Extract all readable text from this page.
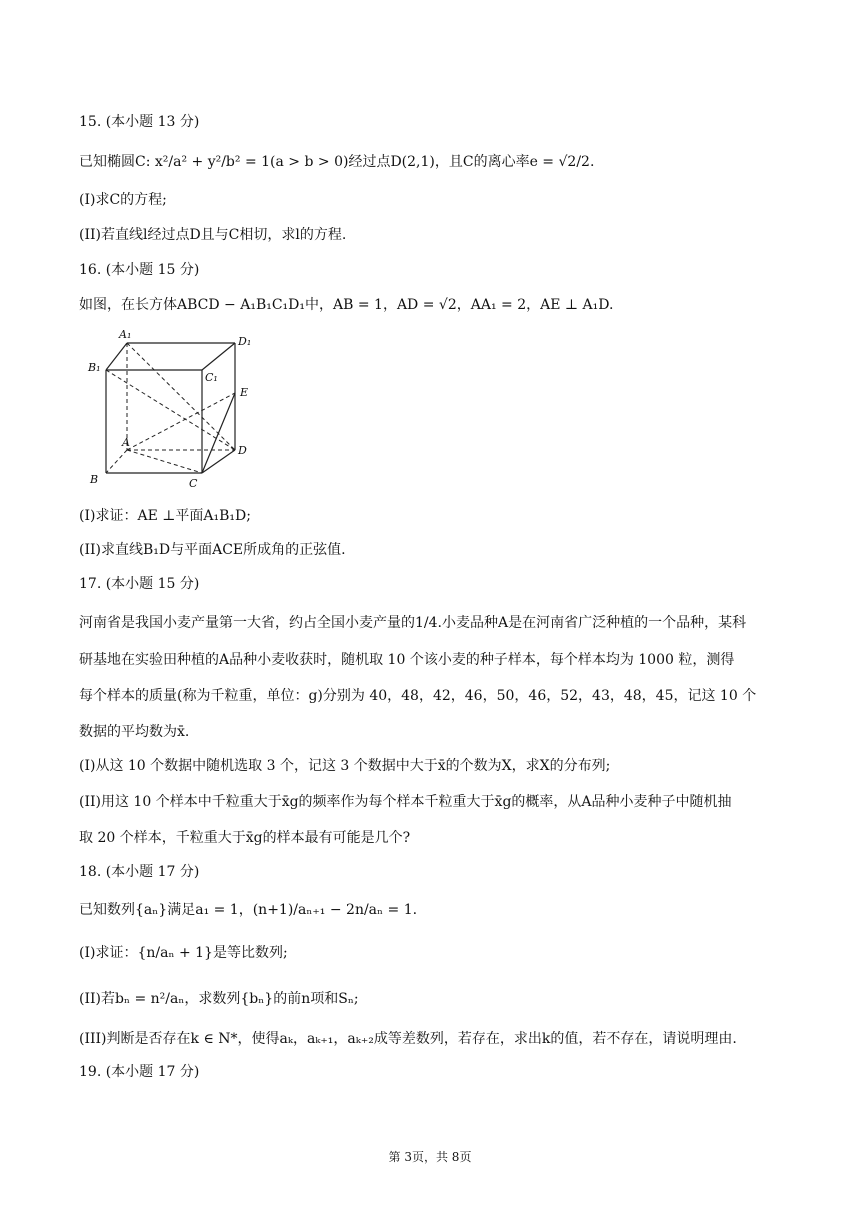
15. (本小题 13 分)
已知椭圆C: x²/a² + y²/b² = 1(a > b > 0)经过点D(2,1)，且C的离心率e = √2/2.
(I)求C的方程;
(II)若直线l经过点D且与C相切，求l的方程.
16. (本小题 15 分)
如图，在长方体ABCD − A₁B₁C₁D₁中，AB = 1，AD = √2，AA₁ = 2，AE ⊥ A₁D.
A₁
D₁
B₁
C₁
E
A
D
B	C
(I)求证：AE ⊥平面A₁B₁D;
(II)求直线B₁D与平面ACE所成角的正弦值.
17. (本小题 15 分)
河南省是我国小麦产量第一大省，约占全国小麦产量的1/4.小麦品种A是在河南省广泛种植的一个品种，某科
研基地在实验田种植的A品种小麦收获时，随机取 10 个该小麦的种子样本，每个样本均为 1000 粒，测得
每个样本的质量(称为千粒重，单位：g)分别为 40，48，42，46，50，46，52，43，48，45，记这 10 个
数据的平均数为x̄.
(I)从这 10 个数据中随机选取 3 个，记这 3 个数据中大于x̄的个数为X，求X的分布列;
(II)用这 10 个样本中千粒重大于x̄g的频率作为每个样本千粒重大于x̄g的概率，从A品种小麦种子中随机抽
取 20 个样本，千粒重大于x̄g的样本最有可能是几个?
18. (本小题 17 分)
已知数列{aₙ}满足a₁ = 1，(n+1)/aₙ₊₁ − 2n/aₙ = 1.
(I)求证：{n/aₙ + 1}是等比数列;
(II)若bₙ = n²/aₙ，求数列{bₙ}的前n项和Sₙ;
(III)判断是否存在k ∈ N*，使得aₖ，aₖ₊₁，aₖ₊₂成等差数列，若存在，求出k的值，若不存在，请说明理由.
19. (本小题 17 分)
第 3页，共 8页
